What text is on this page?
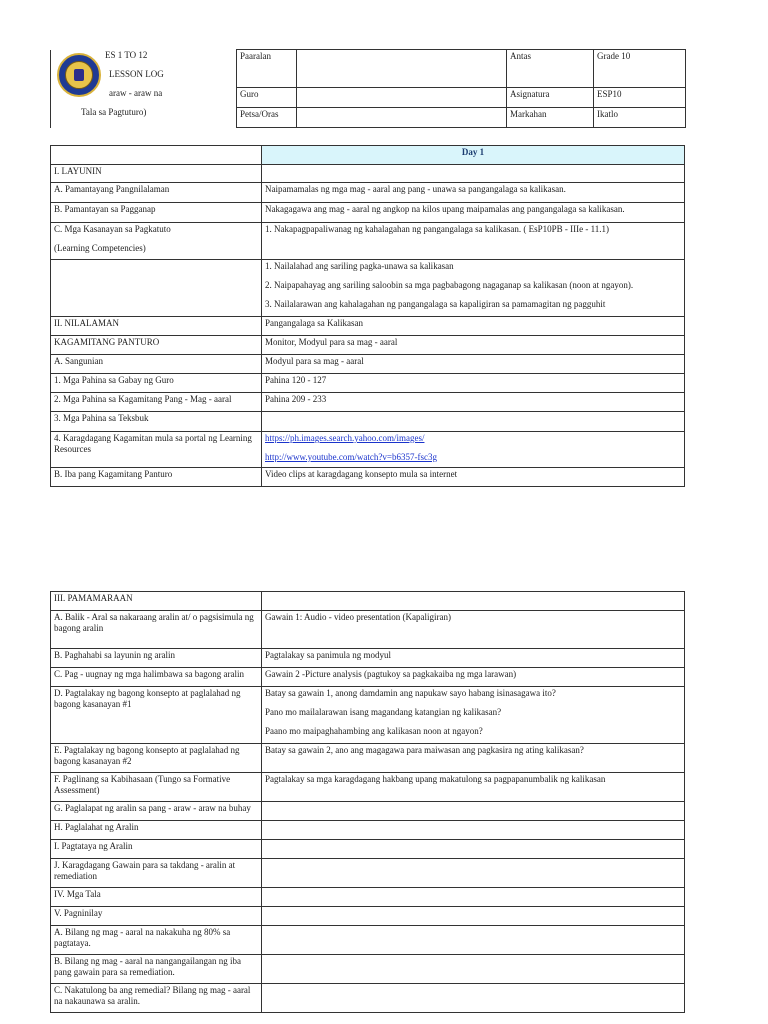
ES 1 TO 12
LESSON LOG
araw - araw na
Tala sa Pagtuturo)	Paaralan		Antas	Grade 10
	Guro		Asignatura	ESP10
	Petsa/Oras		Markahan	Ikatlo
	Day 1
I. LAYUNIN	
A. Pamantayang Pangnilalaman	Naipamamalas ng mga mag - aaral ang pang - unawa sa pangangalaga sa kalikasan.
B. Pamantayan sa Pagganap	Nakagagawa ang mag - aaral ng angkop na kilos upang maipamalas ang pangangalaga sa kalikasan.

C. Mga Kasanayan sa Pagkatuto
(Learning Competencies)	1. Nakapagpapaliwanag ng kahalagahan ng pangangalaga sa kalikasan. ( EsP10PB - IIIe - 11.1)

	1. Nailalahad ang sariling pagka-unawa sa kalikasan
2. Naipapahayag ang sariling saloobin sa mga pagbabagong nagaganap sa kalikasan (noon at ngayon).
3. Nailalarawan ang kahalagahan ng pangangalaga sa kapaligiran sa pamamagitan ng pagguhit

II. NILALAMAN	Pangangalaga sa Kalikasan
KAGAMITANG PANTURO	Monitor, Modyul para sa mag - aaral
A. Sangunian	Modyul para sa mag - aaral
1. Mga Pahina sa Gabay ng Guro	Pahina 120 - 127
2. Mga Pahina sa Kagamitang Pang - Mag - aaral	Pahina 209 - 233
3. Mga Pahina sa Teksbuk	
4. Karagdagang Kagamitan mula sa portal ng Learning Resources	https://ph.images.search.yahoo.com/images/
http://www.youtube.com/watch?v=b6357-fsc3g

B. Iba pang Kagamitang Panturo	Video clips at karagdagang konsepto mula sa internet
III. PAMAMARAAN	
A. Balik - Aral sa nakaraang aralin at/ o pagsisimula ng bagong aralin	Gawain 1: Audio - video presentation (Kapaligiran)
B. Paghahabi sa layunin ng aralin	Pagtalakay sa panimula ng modyul
C. Pag - uugnay ng mga halimbawa sa bagong aralin	Gawain 2 -Picture analysis (pagtukoy sa pagkakaiba ng mga larawan)
D. Pagtalakay ng bagong konsepto at paglalahad ng bagong kasanayan #1	Batay sa gawain 1, anong damdamin ang napukaw sayo habang isinasagawa ito?
Pano mo mailalarawan isang magandang katangian ng kalikasan?
Paano mo maipaghahambing ang kalikasan noon at ngayon?

E. Pagtalakay ng bagong konsepto at paglalahad ng bagong kasanayan #2	Batay sa gawain 2, ano ang magagawa para maiwasan ang pagkasira ng ating kalikasan?
F. Paglinang sa Kabihasaan (Tungo sa Formative Assessment)	Pagtalakay sa mga karagdagang hakbang upang makatulong sa pagpapanumbalik ng kalikasan
G. Paglalapat ng aralin sa pang - araw - araw na buhay	
H. Paglalahat ng Aralin	
I. Pagtataya ng Aralin	
J. Karagdagang Gawain para sa takdang - aralin at remediation	
IV. Mga Tala	
V. Pagninilay	
A. Bilang ng mag - aaral na nakakuha ng 80% sa pagtataya.	
B. Bilang ng mag - aaral na nangangailangan ng iba pang gawain para sa remediation.	
C. Nakatulong ba ang remedial? Bilang ng mag - aaral na nakaunawa sa aralin.	
